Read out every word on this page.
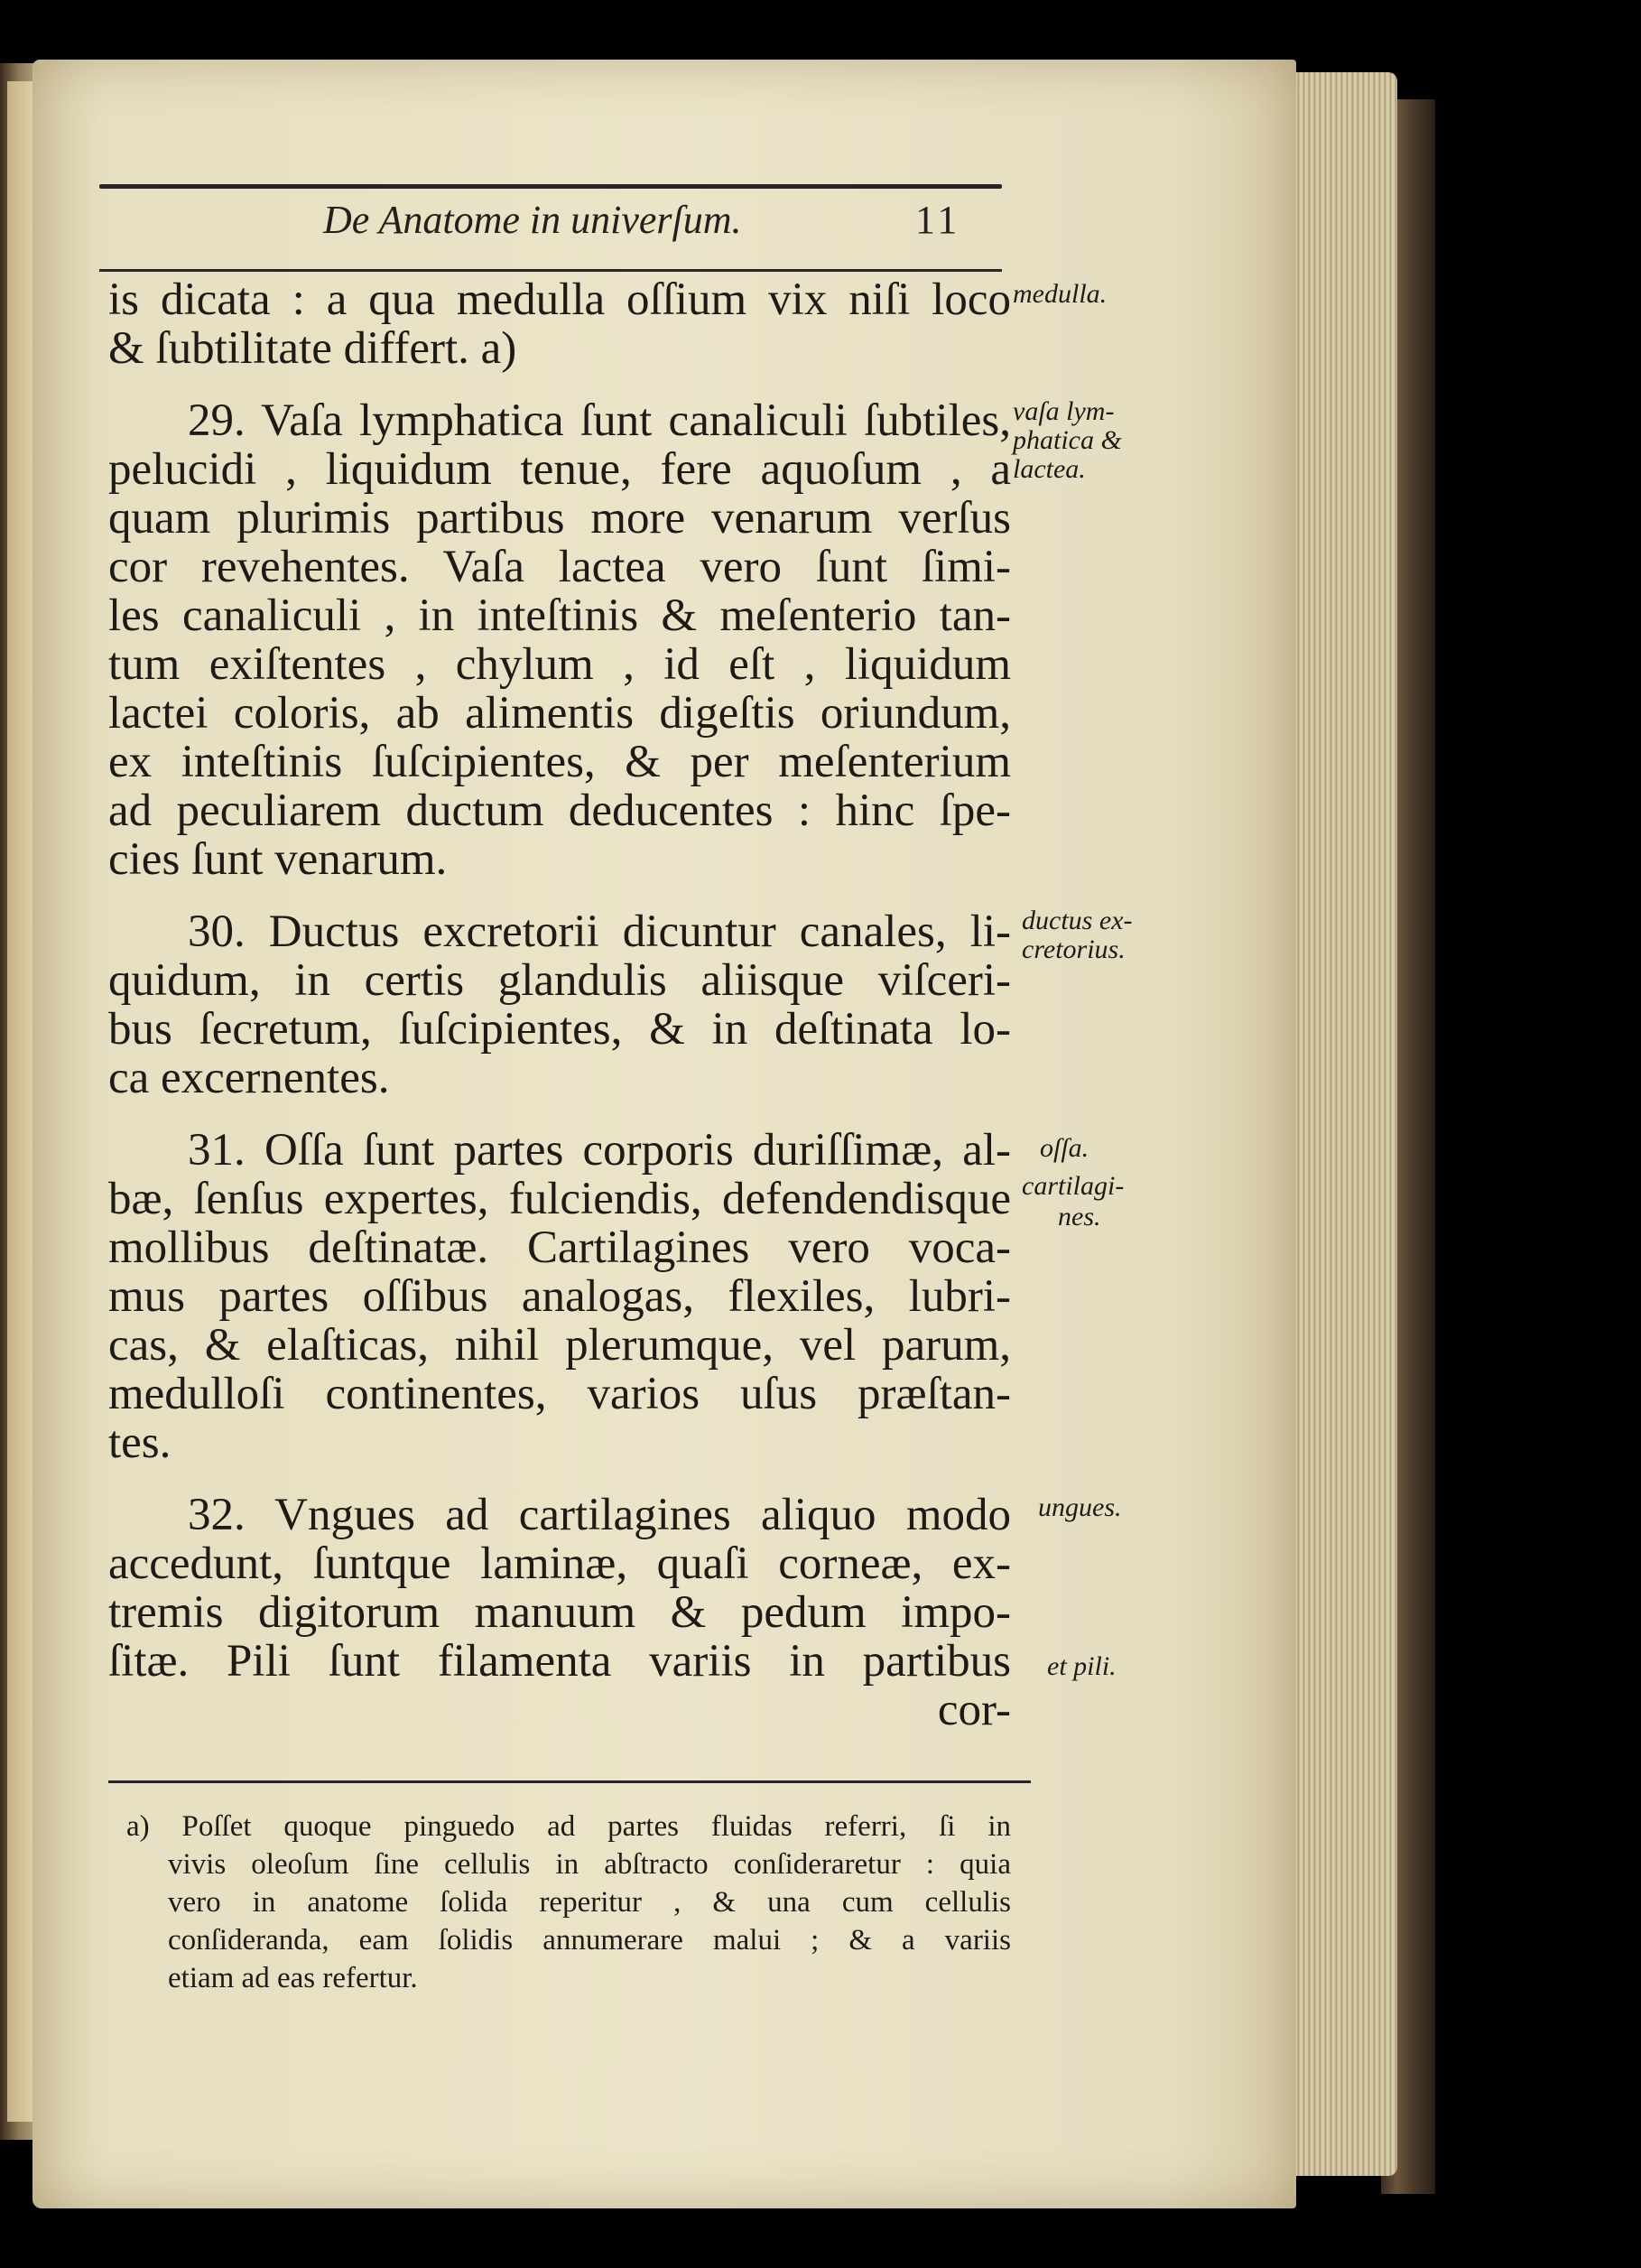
De Anatome in univerſum.	11

is dicata : a qua medulla oſſium vix niſi loco
& ſubtilitate differt. a)

29. Vaſa lymphatica ſunt canaliculi ſubtiles,
pelucidi , liquidum tenue, fere aquoſum , a
quam plurimis partibus more venarum verſus
cor revehentes. Vaſa lactea vero ſunt ſimi-
les canaliculi , in inteſtinis & meſenterio tan-
tum exiſtentes , chylum , id eſt , liquidum
lactei coloris, ab alimentis digeſtis oriundum,
ex inteſtinis ſuſcipientes, & per meſenterium
ad peculiarem ductum deducentes : hinc ſpe-
cies ſunt venarum.

30. Ductus excretorii dicuntur canales, li-
quidum, in certis glandulis aliisque viſceri-
bus ſecretum, ſuſcipientes, & in deſtinata lo-
ca excernentes.

31. Oſſa ſunt partes corporis duriſſimæ, al-
bæ, ſenſus expertes, fulciendis, defendendisque
mollibus deſtinatæ. Cartilagines vero voca-
mus partes oſſibus analogas, flexiles, lubri-
cas, & elaſticas, nihil plerumque, vel parum,
medulloſi continentes, varios uſus præſtan-
tes.

32. Vngues ad cartilagines aliquo modo
accedunt, ſuntque laminæ, quaſi corneæ, ex-
tremis digitorum manuum & pedum impo-
ſitæ. Pili ſunt filamenta variis in partibus
cor-

medulla.
vaſa lym-
phatica &
lactea.
ductus ex-
cretorius.
oſſa.
cartilagi-
nes.
ungues.
et pili.
a) Poſſet quoque pinguedo ad partes fluidas referri, ſi in
vivis oleoſum ſine cellulis in abſtracto conſideraretur : quia
vero in anatome ſolida reperitur , & una cum cellulis
conſideranda, eam ſolidis annumerare malui ; & a variis
etiam ad eas refertur.
